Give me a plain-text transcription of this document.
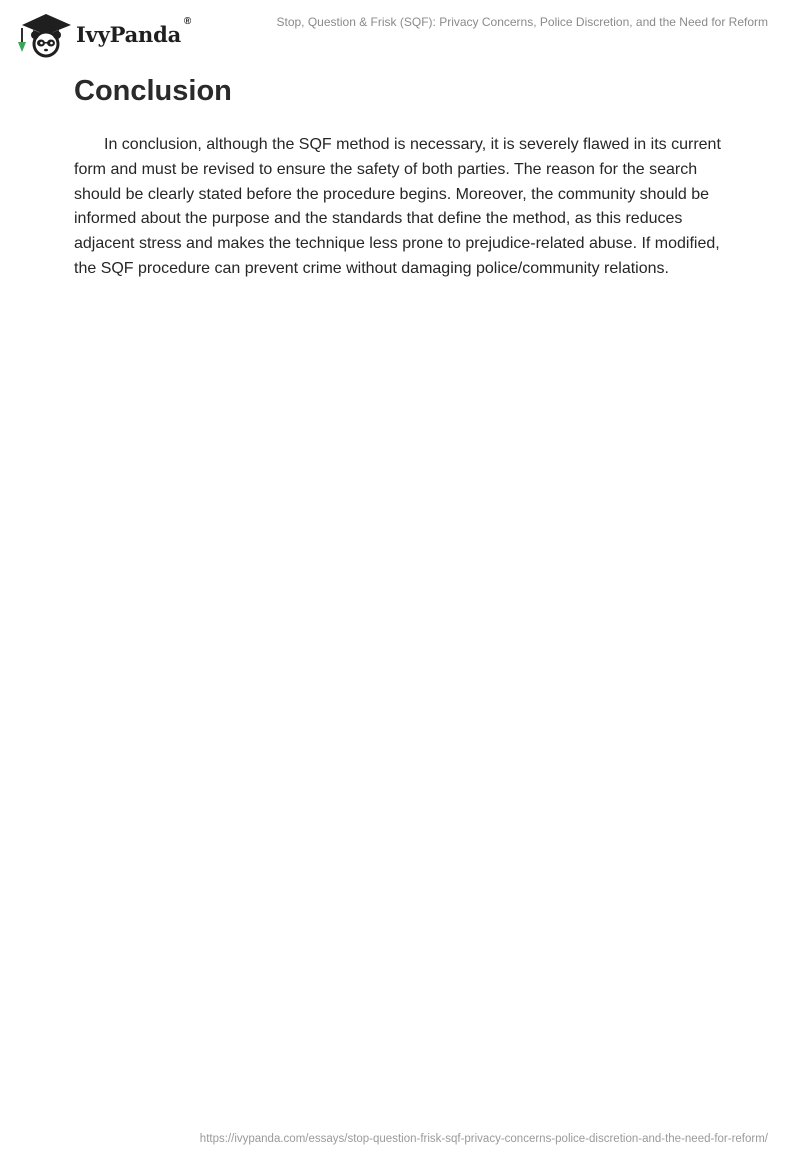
IvyPanda
®	Stop, Question & Frisk (SQF): Privacy Concerns, Police Discretion, and the Need for Reform
Conclusion

In conclusion, although the SQF method is necessary, it is severely flawed in its current form and must be revised to ensure the safety of both parties. The reason for the search should be clearly stated before the procedure begins. Moreover, the community should be informed about the purpose and the standards that define the method, as this reduces adjacent stress and makes the technique less prone to prejudice-related abuse. If modified, the SQF procedure can prevent crime without damaging police/community relations.

https://ivypanda.com/essays/stop-question-frisk-sqf-privacy-concerns-police-discretion-and-the-need-for-reform/
